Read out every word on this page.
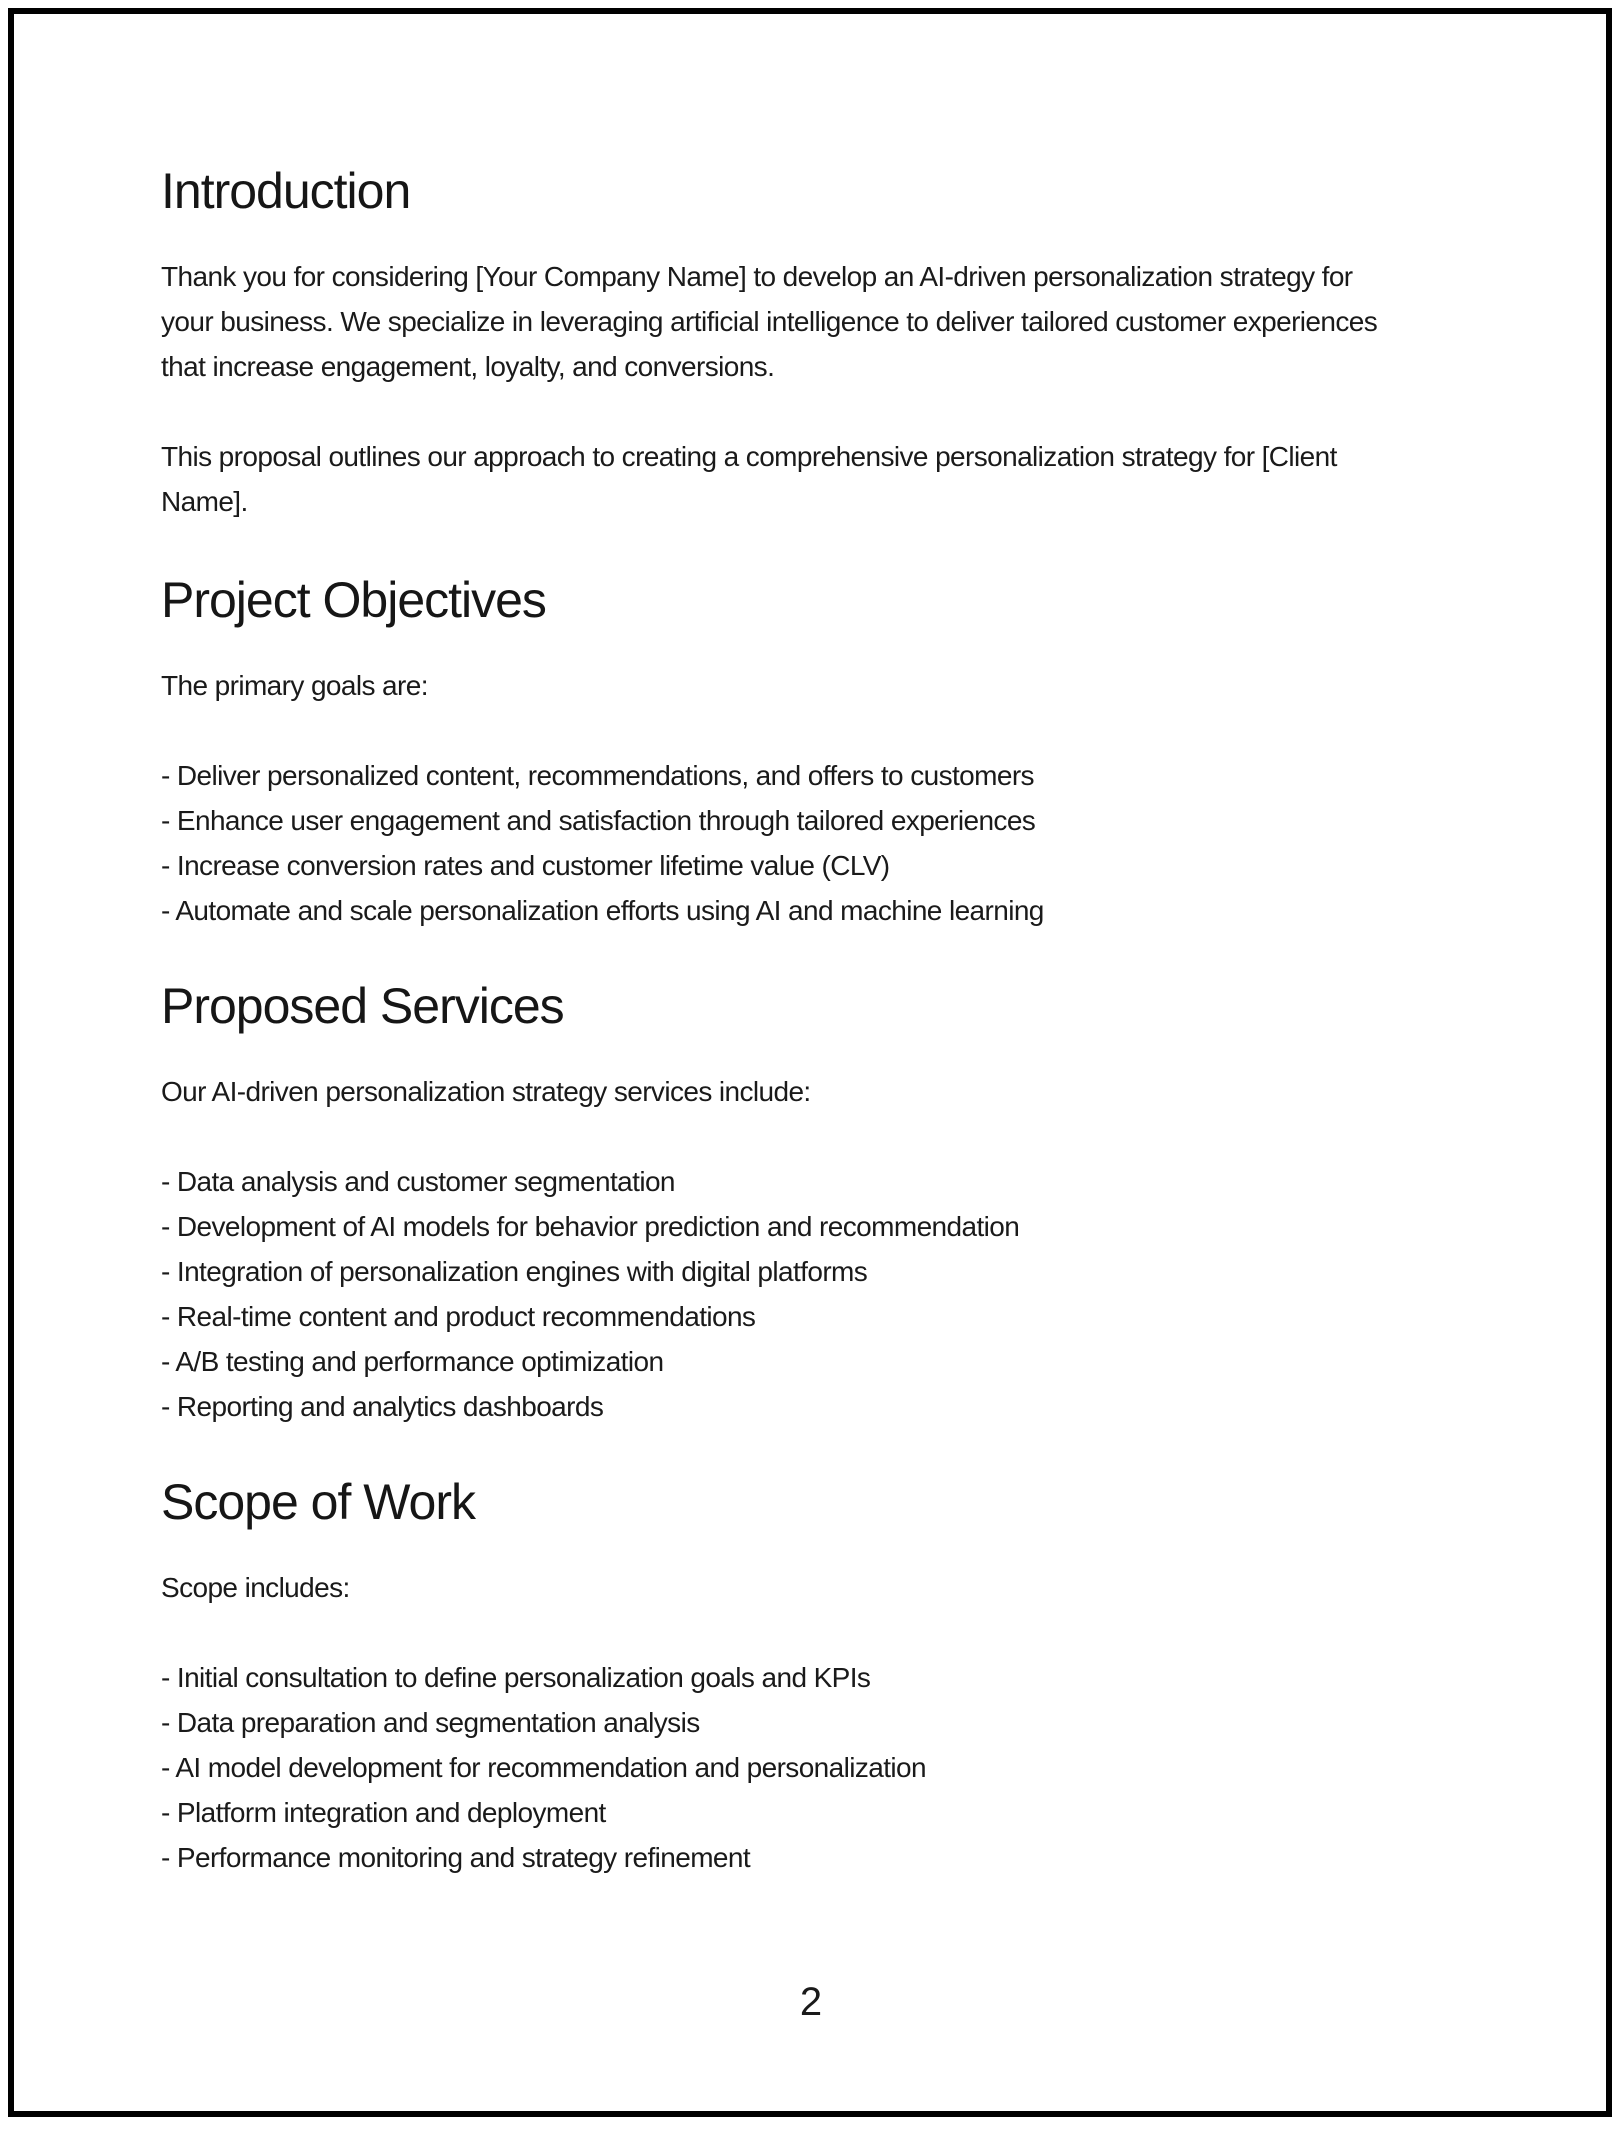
Introduction

Thank you for considering [Your Company Name] to develop an AI-driven personalization strategy for
your business. We specialize in leveraging artificial intelligence to deliver tailored customer experiences
that increase engagement, loyalty, and conversions.

This proposal outlines our approach to creating a comprehensive personalization strategy for [Client
Name].

Project Objectives

The primary goals are:

- Deliver personalized content, recommendations, and offers to customers
- Enhance user engagement and satisfaction through tailored experiences
- Increase conversion rates and customer lifetime value (CLV)
- Automate and scale personalization efforts using AI and machine learning
Proposed Services

Our AI-driven personalization strategy services include:

- Data analysis and customer segmentation
- Development of AI models for behavior prediction and recommendation
- Integration of personalization engines with digital platforms
- Real-time content and product recommendations
- A/B testing and performance optimization
- Reporting and analytics dashboards
Scope of Work

Scope includes:

- Initial consultation to define personalization goals and KPIs
- Data preparation and segmentation analysis
- AI model development for recommendation and personalization
- Platform integration and deployment
- Performance monitoring and strategy refinement
2
